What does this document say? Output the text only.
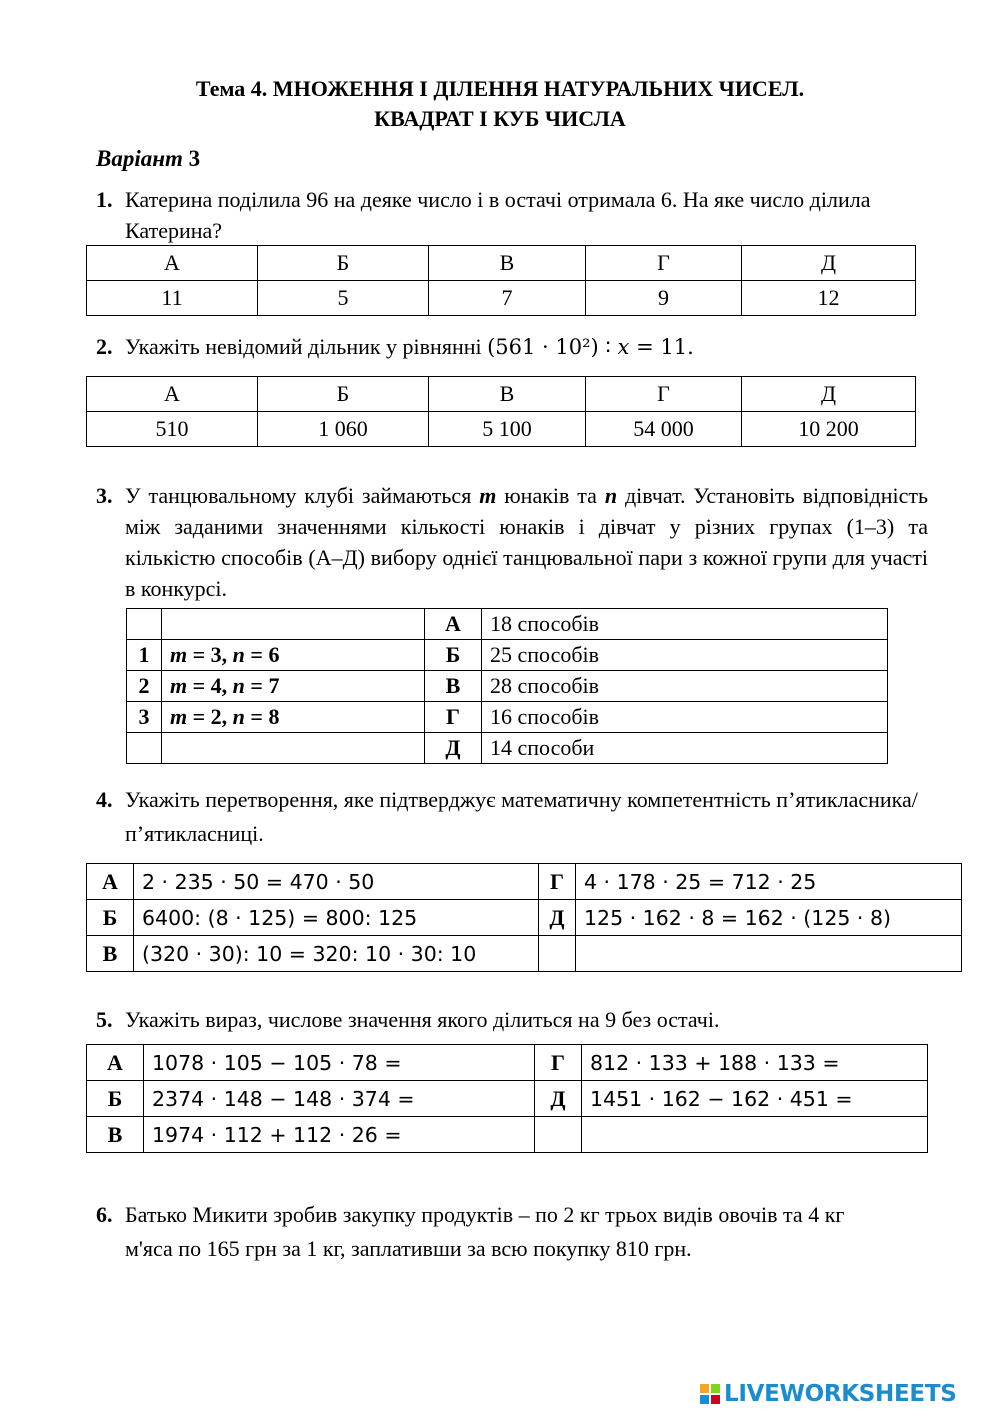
Тема 4. МНОЖЕННЯ І ДІЛЕННЯ НАТУРАЛЬНИХ ЧИСЕЛ.
КВАДРАТ І КУБ ЧИСЛА
Варіант 3
1. Катерина поділила 96 на деяке число і в остачі отримала 6. На яке число ділила Катерина?
А	Б	В	Г	Д
11	5	7	9	12
2. Укажіть невідомий дільник у рівнянні (561 · 10²) ∶ 𝑥 = 11.
А	Б	В	Г	Д
510	1 060	5 100	54 000	10 200
3. У танцювальному клубі займаються m юнаків та n дівчат. Установіть відповідність між заданими значеннями кількості юнаків і дівчат у різних групах (1–3) та кількістю способів (А–Д) вибору однієї танцювальної пари з кожної групи для участі в конкурсі.
		А	18 способів
1	m = 3, n = 6	Б	25 способів
2	m = 4, n = 7	В	28 способів
3	m = 2, n = 8	Г	16 способів
		Д	14 способи
4. Укажіть перетворення, яке підтверджує математичну компетентність п’ятикласника/п’ятикласниці.
А	2 · 235 · 50 = 470 · 50	Г	4 · 178 · 25 = 712 · 25
Б	6400: (8 · 125) = 800: 125	Д	125 · 162 · 8 = 162 · (125 · 8)
В	(320 · 30): 10 = 320: 10 · 30: 10		
5. Укажіть вираз, числове значення якого ділиться на 9 без остачі.
А	1078 · 105 − 105 · 78 =	Г	812 · 133 + 188 · 133 =
Б	2374 · 148 − 148 · 374 =	Д	1451 · 162 − 162 · 451 =
В	1974 · 112 + 112 · 26 =		
6. Батько Микити зробив закупку продуктів – по 2 кг трьох видів овочів та 4 кг м'яса по 165 грн за 1 кг, заплативши за всю покупку 810 грн.
LIVEWORKSHEETS
